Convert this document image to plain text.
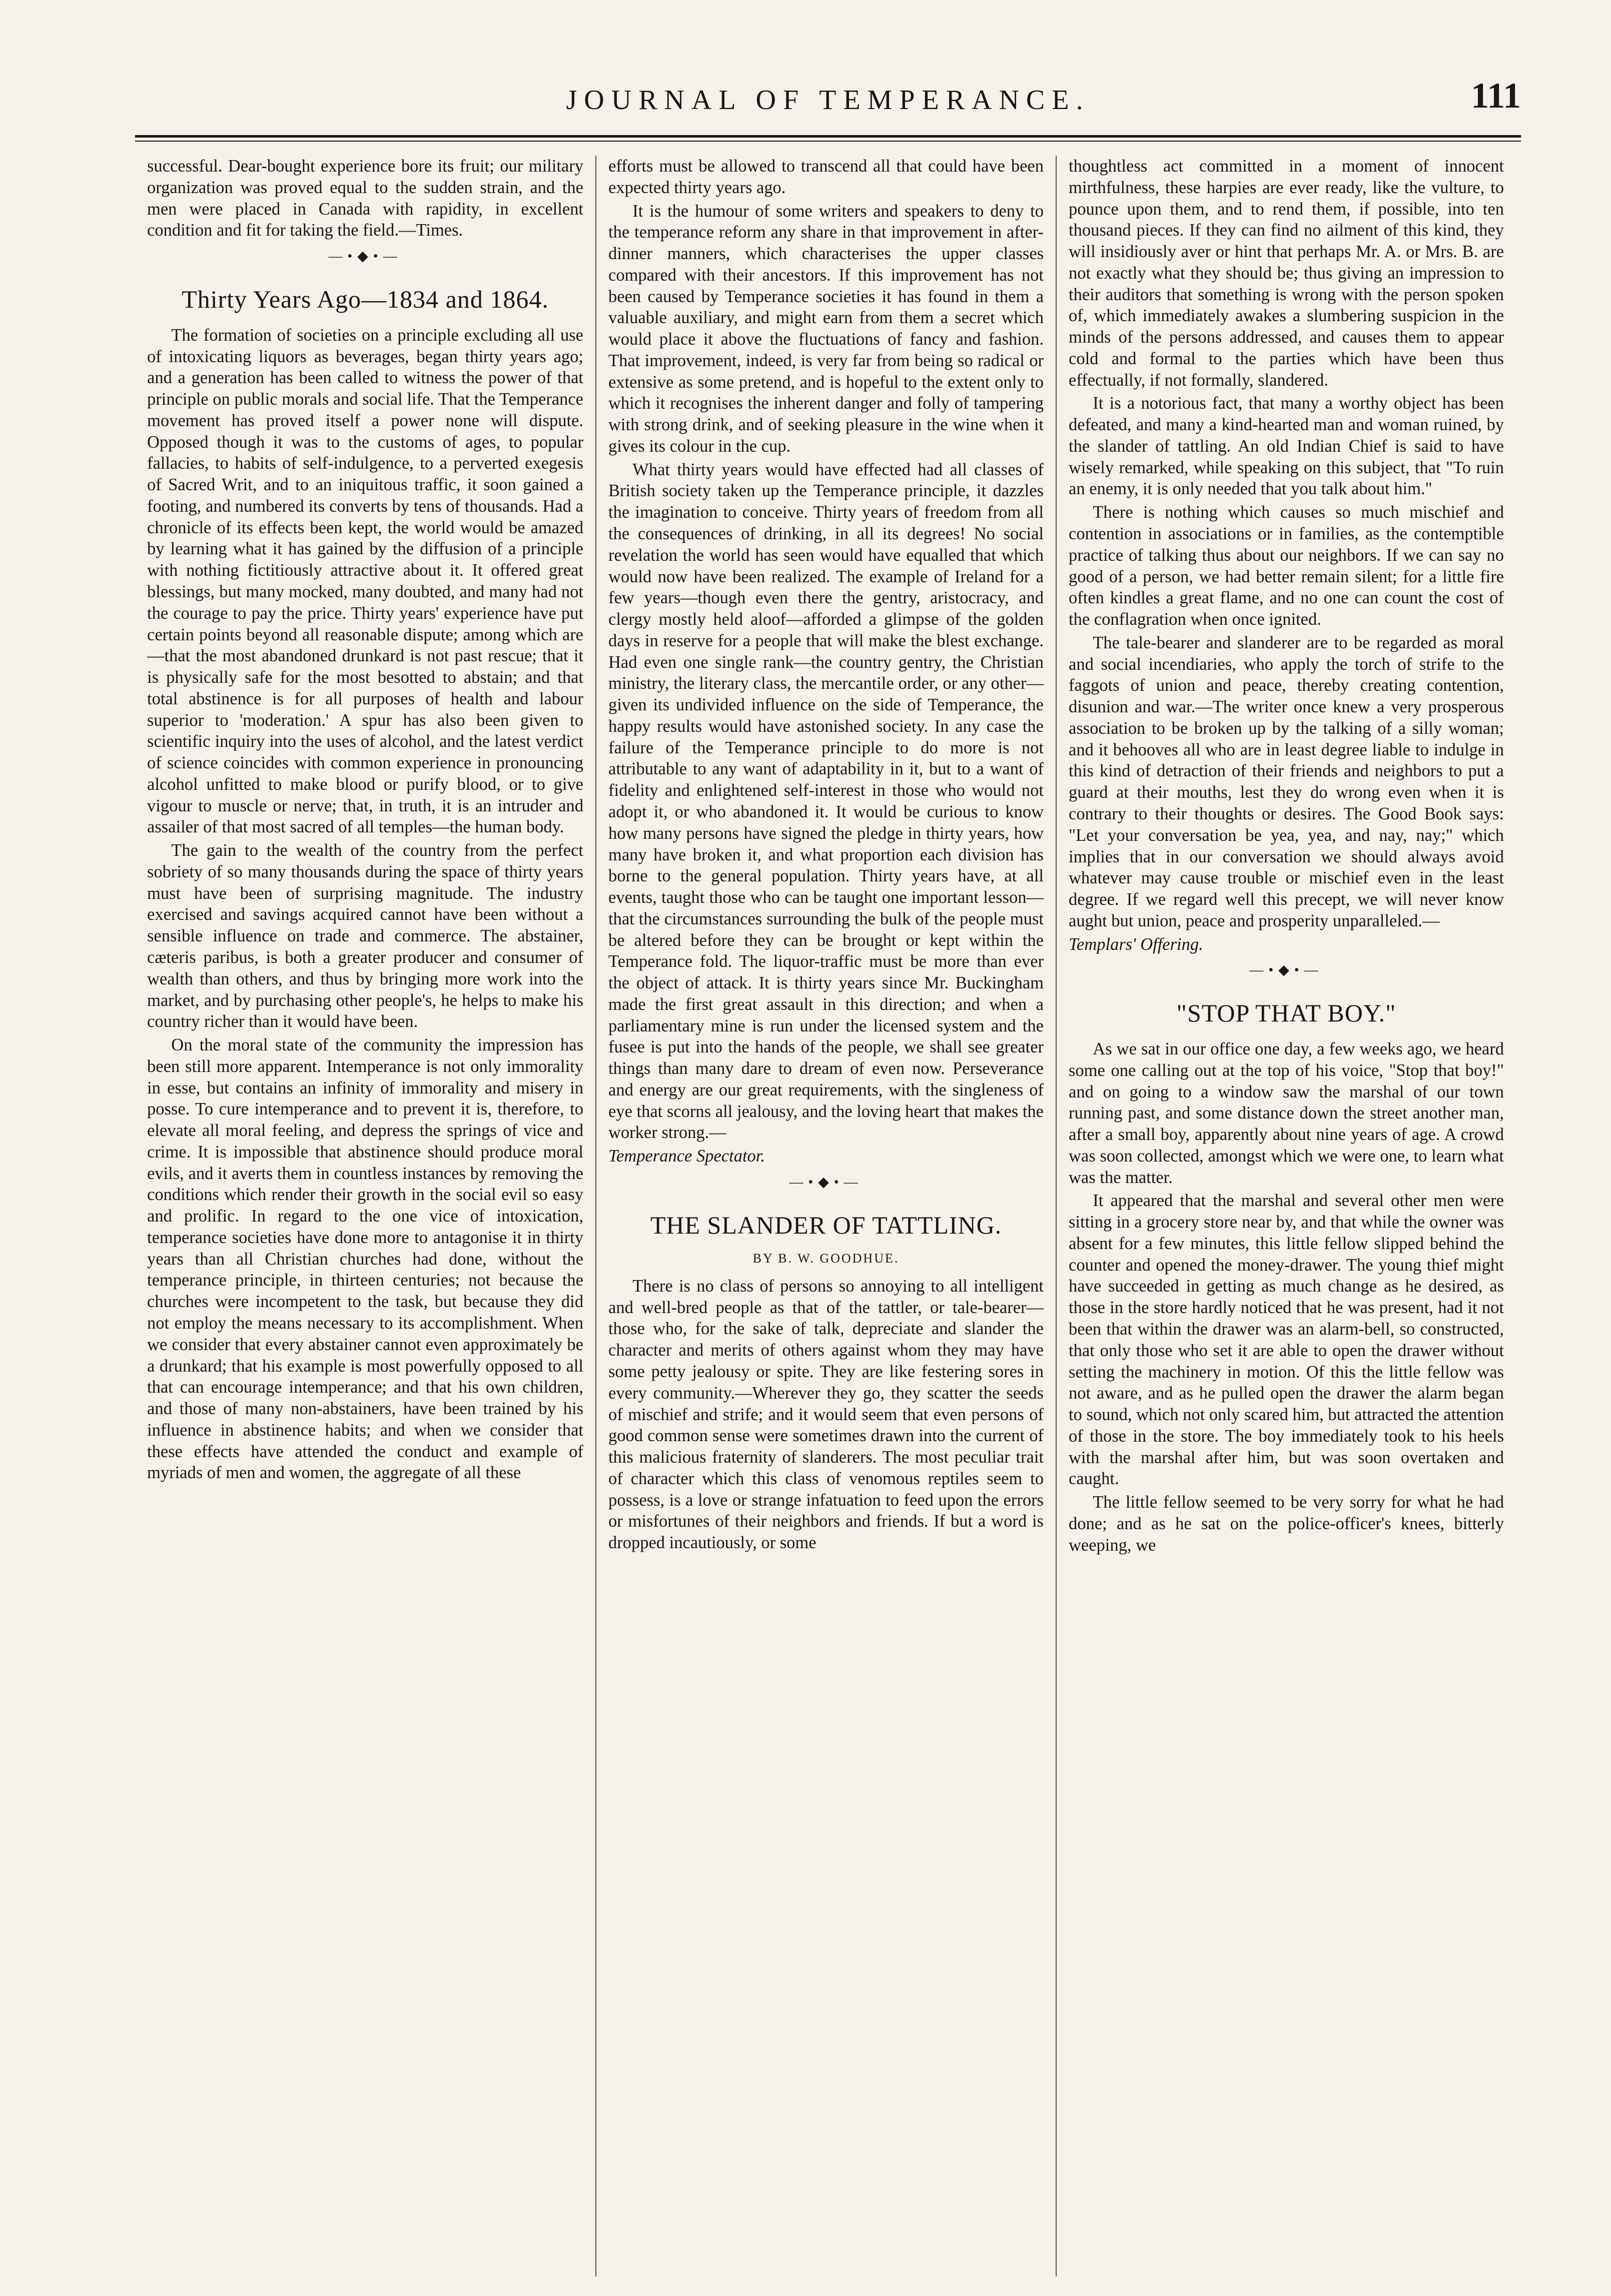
JOURNAL OF TEMPERANCE.	111

successful. Dear-bought experience bore its fruit; our military organization was proved equal to the sudden strain, and the men were placed in Canada with rapidity, in excellent condition and fit for taking the field.—Times.

—•◆•—
Thirty Years Ago—1834 and 1864.

The formation of societies on a principle excluding all use of intoxicating liquors as beverages, began thirty years ago; and a generation has been called to witness the power of that principle on public morals and social life. That the Temperance movement has proved itself a power none will dispute. Opposed though it was to the customs of ages, to popular fallacies, to habits of self-indulgence, to a perverted exegesis of Sacred Writ, and to an iniquitous traffic, it soon gained a footing, and numbered its converts by tens of thousands. Had a chronicle of its effects been kept, the world would be amazed by learning what it has gained by the diffusion of a principle with nothing fictitiously attractive about it. It offered great blessings, but many mocked, many doubted, and many had not the courage to pay the price. Thirty years' experience have put certain points beyond all reasonable dispute; among which are —that the most abandoned drunkard is not past rescue; that it is physically safe for the most besotted to abstain; and that total abstinence is for all purposes of health and labour superior to 'moderation.' A spur has also been given to scientific inquiry into the uses of alcohol, and the latest verdict of science coincides with common experience in pronouncing alcohol unfitted to make blood or purify blood, or to give vigour to muscle or nerve; that, in truth, it is an intruder and assailer of that most sacred of all temples—the human body.

The gain to the wealth of the country from the perfect sobriety of so many thousands during the space of thirty years must have been of surprising magnitude. The industry exercised and savings acquired cannot have been without a sensible influence on trade and commerce. The abstainer, cæteris paribus, is both a greater producer and consumer of wealth than others, and thus by bringing more work into the market, and by purchasing other people's, he helps to make his country richer than it would have been.

On the moral state of the community the impression has been still more apparent. Intemperance is not only immorality in esse, but contains an infinity of immorality and misery in posse. To cure intemperance and to prevent it is, therefore, to elevate all moral feeling, and depress the springs of vice and crime. It is impossible that abstinence should produce moral evils, and it averts them in countless instances by removing the conditions which render their growth in the social evil so easy and prolific. In regard to the one vice of intoxication, temperance societies have done more to antagonise it in thirty years than all Christian churches had done, without the temperance principle, in thirteen centuries; not because the churches were incompetent to the task, but because they did not employ the means necessary to its accomplishment. When we consider that every abstainer cannot even approximately be a drunkard; that his example is most powerfully opposed to all that can encourage intemperance; and that his own children, and those of many non-abstainers, have been trained by his influence in abstinence habits; and when we consider that these effects have attended the conduct and example of myriads of men and women, the aggregate of all these

efforts must be allowed to transcend all that could have been expected thirty years ago.

It is the humour of some writers and speakers to deny to the temperance reform any share in that improvement in after-dinner manners, which characterises the upper classes compared with their ancestors. If this improvement has not been caused by Temperance societies it has found in them a valuable auxiliary, and might earn from them a secret which would place it above the fluctuations of fancy and fashion. That improvement, indeed, is very far from being so radical or extensive as some pretend, and is hopeful to the extent only to which it recognises the inherent danger and folly of tampering with strong drink, and of seeking pleasure in the wine when it gives its colour in the cup.

What thirty years would have effected had all classes of British society taken up the Temperance principle, it dazzles the imagination to conceive. Thirty years of freedom from all the consequences of drinking, in all its degrees! No social revelation the world has seen would have equalled that which would now have been realized. The example of Ireland for a few years—though even there the gentry, aristocracy, and clergy mostly held aloof—afforded a glimpse of the golden days in reserve for a people that will make the blest exchange. Had even one single rank—the country gentry, the Christian ministry, the literary class, the mercantile order, or any other—given its undivided influence on the side of Temperance, the happy results would have astonished society. In any case the failure of the Temperance principle to do more is not attributable to any want of adaptability in it, but to a want of fidelity and enlightened self-interest in those who would not adopt it, or who abandoned it. It would be curious to know how many persons have signed the pledge in thirty years, how many have broken it, and what proportion each division has borne to the general population. Thirty years have, at all events, taught those who can be taught one important lesson—that the circumstances surrounding the bulk of the people must be altered before they can be brought or kept within the Temperance fold. The liquor-traffic must be more than ever the object of attack. It is thirty years since Mr. Buckingham made the first great assault in this direction; and when a parliamentary mine is run under the licensed system and the fusee is put into the hands of the people, we shall see greater things than many dare to dream of even now. Perseverance and energy are our great requirements, with the singleness of eye that scorns all jealousy, and the loving heart that makes the worker strong.—

Temperance Spectator.
—•◆•—
THE SLANDER OF TATTLING.
BY B. W. GOODHUE.

There is no class of persons so annoying to all intelligent and well-bred people as that of the tattler, or tale-bearer—those who, for the sake of talk, depreciate and slander the character and merits of others against whom they may have some petty jealousy or spite. They are like festering sores in every community.—Wherever they go, they scatter the seeds of mischief and strife; and it would seem that even persons of good common sense were sometimes drawn into the current of this malicious fraternity of slanderers. The most peculiar trait of character which this class of venomous reptiles seem to possess, is a love or strange infatuation to feed upon the errors or misfortunes of their neighbors and friends. If but a word is dropped incautiously, or some

thoughtless act committed in a moment of innocent mirthfulness, these harpies are ever ready, like the vulture, to pounce upon them, and to rend them, if possible, into ten thousand pieces. If they can find no ailment of this kind, they will insidiously aver or hint that perhaps Mr. A. or Mrs. B. are not exactly what they should be; thus giving an impression to their auditors that something is wrong with the person spoken of, which immediately awakes a slumbering suspicion in the minds of the persons addressed, and causes them to appear cold and formal to the parties which have been thus effectually, if not formally, slandered.

It is a notorious fact, that many a worthy object has been defeated, and many a kind-hearted man and woman ruined, by the slander of tattling. An old Indian Chief is said to have wisely remarked, while speaking on this subject, that "To ruin an enemy, it is only needed that you talk about him."

There is nothing which causes so much mischief and contention in associations or in families, as the contemptible practice of talking thus about our neighbors. If we can say no good of a person, we had better remain silent; for a little fire often kindles a great flame, and no one can count the cost of the conflagration when once ignited.

The tale-bearer and slanderer are to be regarded as moral and social incendiaries, who apply the torch of strife to the faggots of union and peace, thereby creating contention, disunion and war.—The writer once knew a very prosperous association to be broken up by the talking of a silly woman; and it behooves all who are in least degree liable to indulge in this kind of detraction of their friends and neighbors to put a guard at their mouths, lest they do wrong even when it is contrary to their thoughts or desires. The Good Book says: "Let your conversation be yea, yea, and nay, nay;" which implies that in our conversation we should always avoid whatever may cause trouble or mischief even in the least degree. If we regard well this precept, we will never know aught but union, peace and prosperity unparalleled.—

Templars' Offering.
—•◆•—
"STOP THAT BOY."

As we sat in our office one day, a few weeks ago, we heard some one calling out at the top of his voice, "Stop that boy!" and on going to a window saw the marshal of our town running past, and some distance down the street another man, after a small boy, apparently about nine years of age. A crowd was soon collected, amongst which we were one, to learn what was the matter.

It appeared that the marshal and several other men were sitting in a grocery store near by, and that while the owner was absent for a few minutes, this little fellow slipped behind the counter and opened the money-drawer. The young thief might have succeeded in getting as much change as he desired, as those in the store hardly noticed that he was present, had it not been that within the drawer was an alarm-bell, so constructed, that only those who set it are able to open the drawer without setting the machinery in motion. Of this the little fellow was not aware, and as he pulled open the drawer the alarm began to sound, which not only scared him, but attracted the attention of those in the store. The boy immediately took to his heels with the marshal after him, but was soon overtaken and caught.

The little fellow seemed to be very sorry for what he had done; and as he sat on the police-officer's knees, bitterly weeping, we
